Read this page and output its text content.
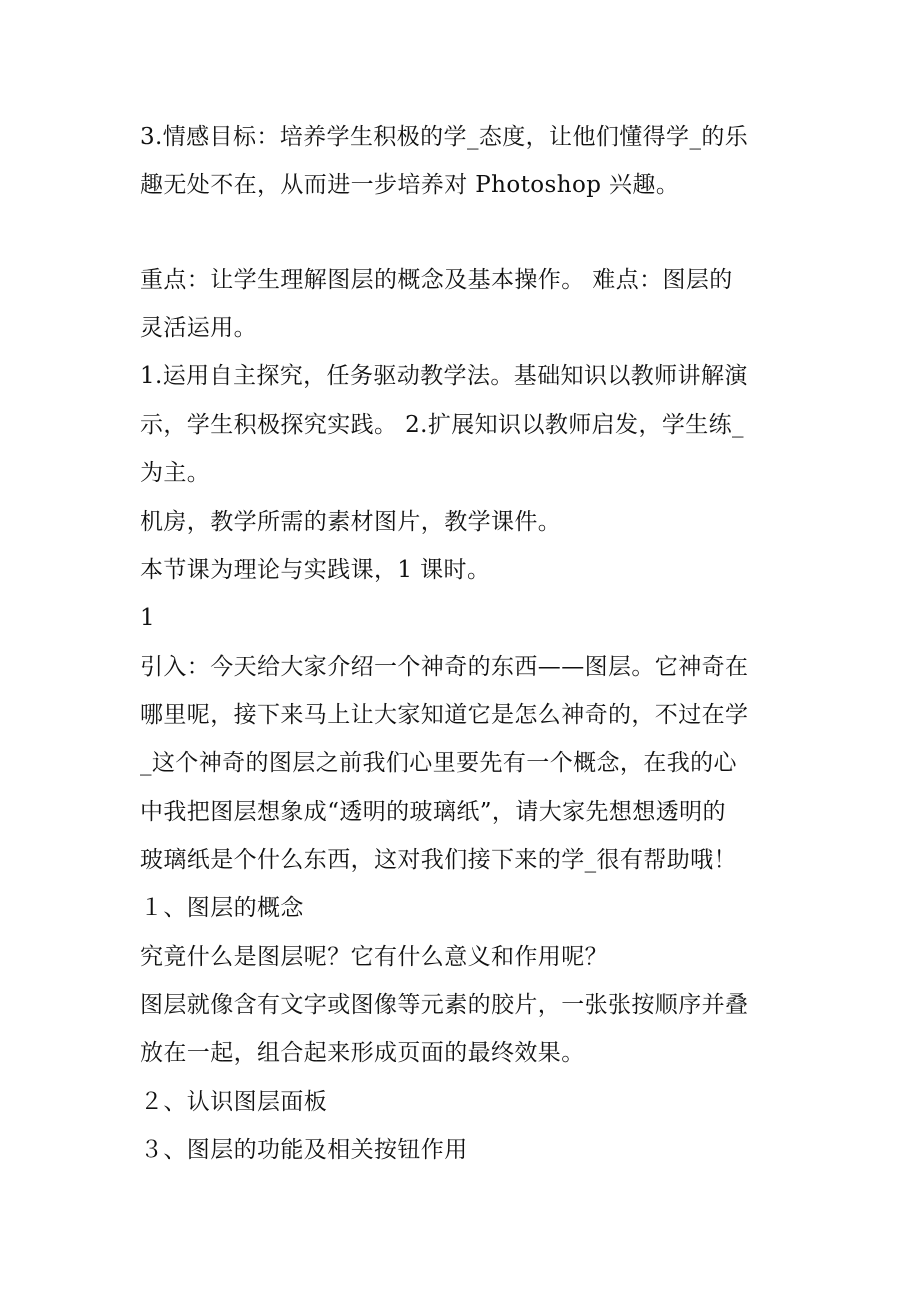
3.情感目标：培养学生积极的学_态度，让他们懂得学_的乐
趣无处不在，从而进一步培养对 Photoshop 兴趣。
重点：让学生理解图层的概念及基本操作。 难点：图层的
灵活运用。
1.运用自主探究，任务驱动教学法。基础知识以教师讲解演
示，学生积极探究实践。 2.扩展知识以教师启发，学生练_
为主。
机房，教学所需的素材图片，教学课件。
本节课为理论与实践课，1 课时。
1
引入：今天给大家介绍一个神奇的东西——图层。它神奇在
哪里呢，接下来马上让大家知道它是怎么神奇的，不过在学
_这个神奇的图层之前我们心里要先有一个概念，在我的心
中我把图层想象成“透明的玻璃纸”，请大家先想想透明的
玻璃纸是个什么东西，这对我们接下来的学_很有帮助哦！
１、图层的概念
究竟什么是图层呢？它有什么意义和作用呢？
图层就像含有文字或图像等元素的胶片，一张张按顺序并叠
放在一起，组合起来形成页面的最终效果。
２、认识图层面板
３、图层的功能及相关按钮作用
